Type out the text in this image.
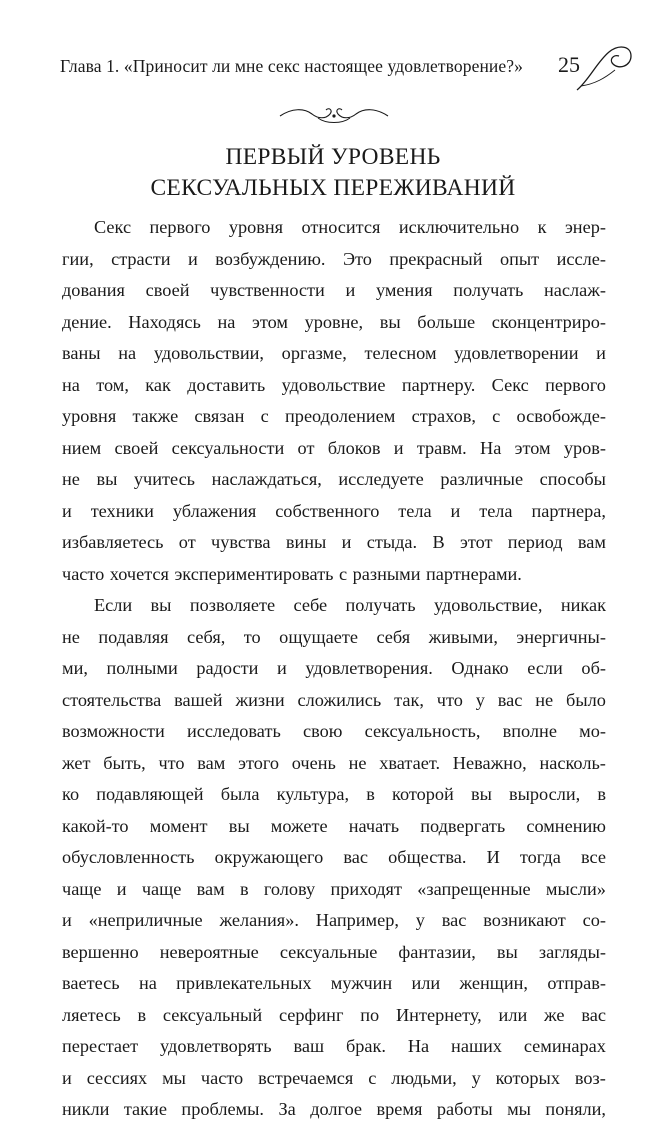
Глава 1. «Приносит ли мне секс настоящее удовлетворение?» 25
ПЕРВЫЙ УРОВЕНЬ
СЕКСУАЛЬНЫХ ПЕРЕЖИВАНИЙ
Секс первого уровня относится исключительно к энер-
гии, страсти и возбуждению. Это прекрасный опыт иссле-
дования своей чувственности и умения получать наслаж-
дение. Находясь на этом уровне, вы больше сконцентриро-
ваны на удовольствии, оргазме, телесном удовлетворении и
на том, как доставить удовольствие партнеру. Секс первого
уровня также связан с преодолением страхов, с освобожде-
нием своей сексуальности от блоков и травм. На этом уров-
не вы учитесь наслаждаться, исследуете различные способы
и техники ублажения собственного тела и тела партнера,
избавляетесь от чувства вины и стыда. В этот период вам
часто хочется экспериментировать с разными партнерами.
Если вы позволяете себе получать удовольствие, никак
не подавляя себя, то ощущаете себя живыми, энергичны-
ми, полными радости и удовлетворения. Однако если об-
стоятельства вашей жизни сложились так, что у вас не было
возможности исследовать свою сексуальность, вполне мо-
жет быть, что вам этого очень не хватает. Неважно, насколь-
ко подавляющей была культура, в которой вы выросли, в
какой-то момент вы можете начать подвергать сомнению
обусловленность окружающего вас общества. И тогда все
чаще и чаще вам в голову приходят «запрещенные мысли»
и «неприличные желания». Например, у вас возникают со-
вершенно невероятные сексуальные фантазии, вы загляды-
ваетесь на привлекательных мужчин или женщин, отправ-
ляетесь в сексуальный серфинг по Интернету, или же вас
перестает удовлетворять ваш брак. На наших семинарах
и сессиях мы часто встречаемся с людьми, у которых воз-
никли такие проблемы. За долгое время работы мы поняли,
